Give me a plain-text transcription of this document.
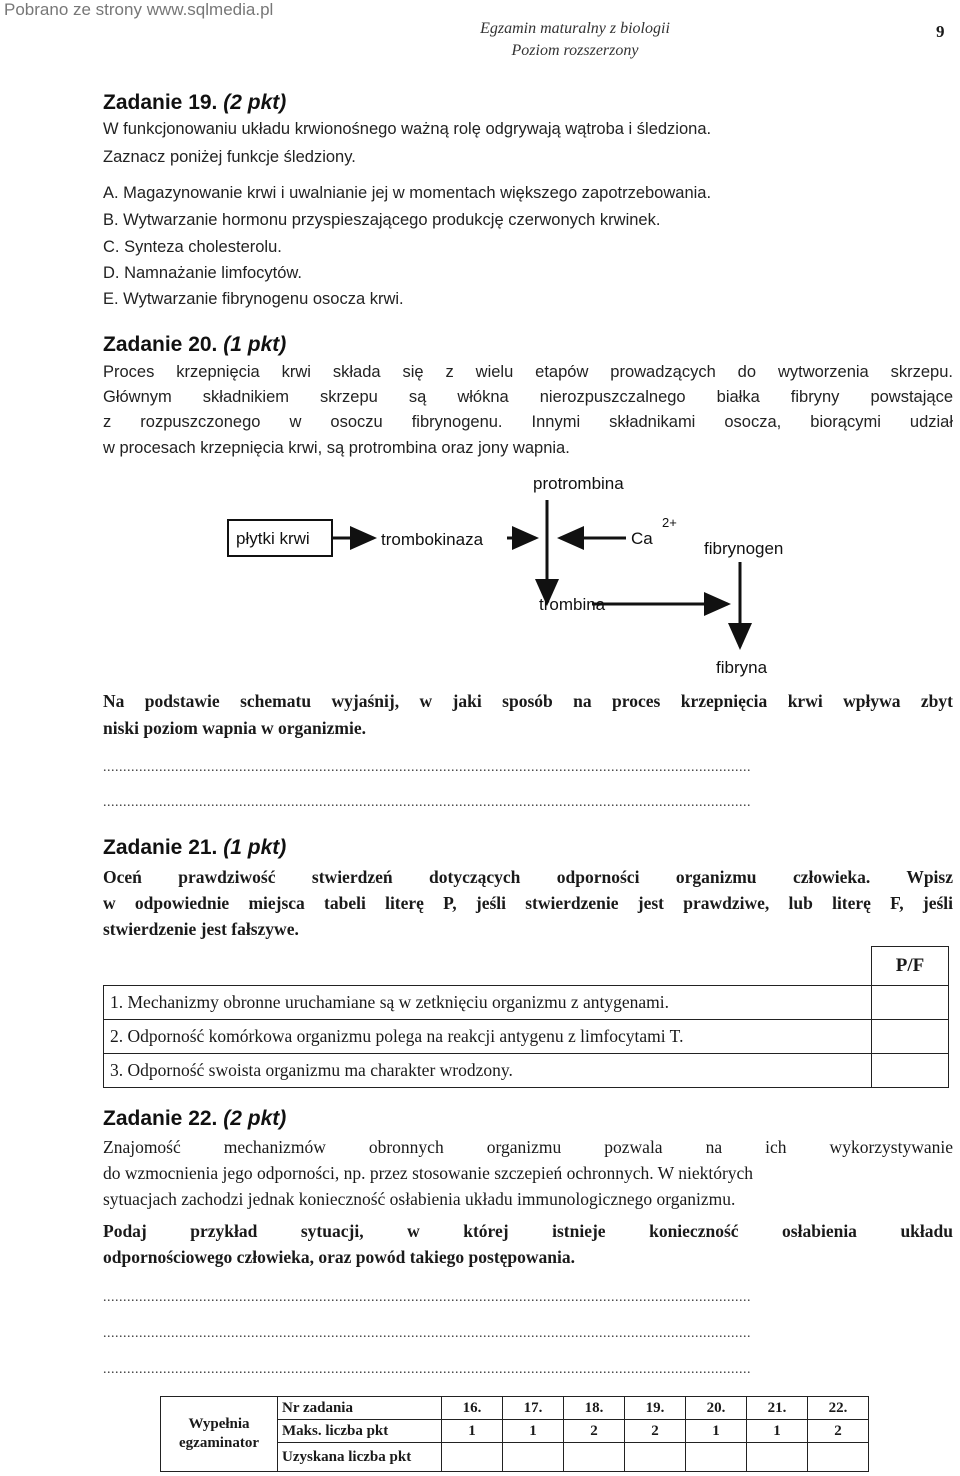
Pobrano ze strony www.sqlmedia.pl
Egzamin maturalny z biologii
Poziom rozszerzony
9
Zadanie 19. (2 pkt)
W funkcjonowaniu układu krwionośnego ważną rolę odgrywają wątroba i śledziona.
Zaznacz poniżej funkcje śledziony.
A. Magazynowanie krwi i uwalnianie jej w momentach większego zapotrzebowania.
B. Wytwarzanie hormonu przyspieszającego produkcję czerwonych krwinek.
C. Synteza cholesterolu.
D. Namnażanie limfocytów.
E. Wytwarzanie fibrynogenu osocza krwi.
Zadanie 20. (1 pkt)
Proces krzepnięcia krwi składa się z wielu etapów prowadzących do wytworzenia skrzepu.
Głównym składnikiem skrzepu są włókna nierozpuszczalnego białka fibryny powstające
z rozpuszczonego w osoczu fibrynogenu. Innymi składnikami osocza, biorącymi udział
w procesach krzepnięcia krwi, są protrombina oraz jony wapnia.
protrombina
płytki krwi	trombokinaza	Ca
2+
fibrynogen
trombina
fibryna
Na podstawie schematu wyjaśnij, w jaki sposób na proces krzepnięcia krwi wpływa zbyt
niski poziom wapnia w organizmie.
..................................................................................................................................................................
..................................................................................................................................................................
Zadanie 21. (1 pkt)
Oceń prawdziwość stwierdzeń dotyczących odporności organizmu człowieka. Wpisz
w odpowiednie miejsca tabeli literę P, jeśli stwierdzenie jest prawdziwe, lub literę F, jeśli
stwierdzenie jest fałszywe.
	P/F
1. Mechanizmy obronne uruchamiane są w zetknięciu organizmu z antygenami.	
2. Odporność komórkowa organizmu polega na reakcji antygenu z limfocytami T.	
3. Odporność swoista organizmu ma charakter wrodzony.	
Zadanie 22. (2 pkt)
Znajomość mechanizmów obronnych organizmu pozwala na ich wykorzystywanie
do wzmocnienia jego odporności, np. przez stosowanie szczepień ochronnych. W niektórych
sytuacjach zachodzi jednak konieczność osłabienia układu immunologicznego organizmu.
Podaj przykład sytuacji, w której istnieje konieczność osłabienia układu
odpornościowego człowieka, oraz powód takiego postępowania.
..................................................................................................................................................................
..................................................................................................................................................................
..................................................................................................................................................................
Wypełnia
egzaminator	Nr zadania	16.	17.	18.	19.	20.	21.	22.
	Maks. liczba pkt	1	1	2	2	1	1	2
	Uzyskana liczba pkt							
